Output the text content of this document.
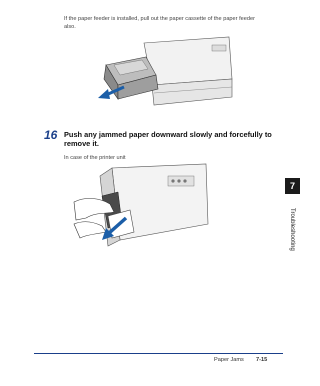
If the paper feeder is installed, pull out the paper cassette of the paper feeder also.

16 Push any jammed paper downward slowly and forcefully to remove it.

In case of the printer unit

7
Troubleshooting
Paper Jams 7-15
